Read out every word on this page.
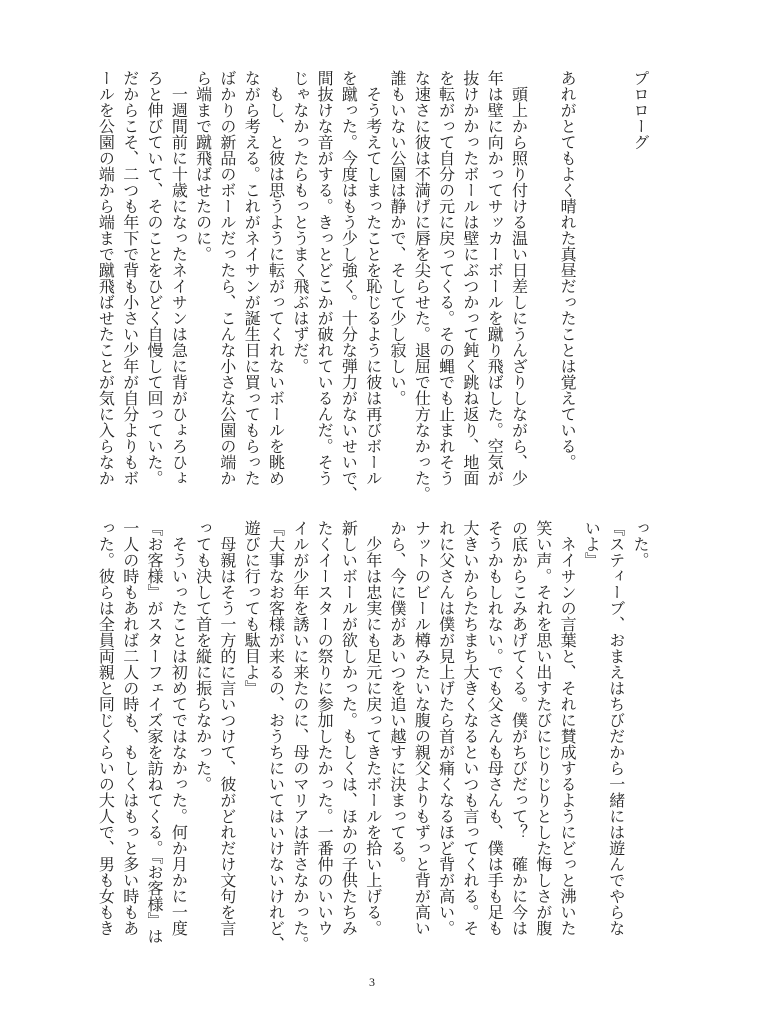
プロローグ
あれがとてもよく晴れた真昼だったことは覚えている。
　頭上から照り付ける温い日差しにうんざりしながら、少
年は壁に向かってサッカーボールを蹴り飛ばした。空気が
抜けかかったボールは壁にぶつかって鈍く跳ね返り、地面
を転がって自分の元に戻ってくる。その蝿でも止まれそう
な速さに彼は不満げに唇を尖らせた。退屈で仕方なかった。
誰もいない公園は静かで、そして少し寂しい。
　そう考えてしまったことを恥じるように彼は再びボール
を蹴った。今度はもう少し強く。十分な弾力がないせいで、
間抜けな音がする。きっとどこかが破れているんだ。そう
じゃなかったらもっとうまく飛ぶはずだ。
　もし、と彼は思うように転がってくれないボールを眺め
ながら考える。これがネイサンが誕生日に買ってもらった
ばかりの新品のボールだったら、こんな小さな公園の端か
ら端まで蹴飛ばせたのに。
　一週間前に十歳になったネイサンは急に背がひょろひょ
ろと伸びていて、そのことをひどく自慢して回っていた。
だからこそ、二つも年下で背も小さい少年が自分よりもボ
ールを公園の端から端まで蹴飛ばせたことが気に入らなか
った。
『スティーブ、おまえはちびだから一緒には遊んでやらな
いよ』
　ネイサンの言葉と、それに賛成するようにどっと沸いた
笑い声。それを思い出すたびにじりじりとした悔しさが腹
の底からこみあげてくる。僕がちびだって？　確かに今は
そうかもしれない。でも父さんも母さんも、僕は手も足も
大きいからたちまち大きくなるといつも言ってくれる。そ
れに父さんは僕が見上げたら首が痛くなるほど背が高い。
ナットのビール樽みたいな腹の親父よりもずっと背が高い
から、今に僕があいつを追い越すに決まってる。
　少年は忠実にも足元に戻ってきたボールを拾い上げる。
新しいボールが欲しかった。もしくは、ほかの子供たちみ
たくイースターの祭りに参加したかった。一番仲のいいウ
イルが少年を誘いに来たのに、母のマリアは許さなかった。
『大事なお客様が来るの、おうちにいてはいけないけれど、
遊びに行っても駄目よ』
　母親はそう一方的に言いつけて、彼がどれだけ文句を言
っても決して首を縦に振らなかった。
　そういったことは初めてではなかった。何か月かに一度
『お客様』がスターフェイズ家を訪ねてくる。『お客様』は
一人の時もあれば二人の時も、もしくはもっと多い時もあ
った。彼らは全員両親と同じくらいの大人で、男も女もき
3
